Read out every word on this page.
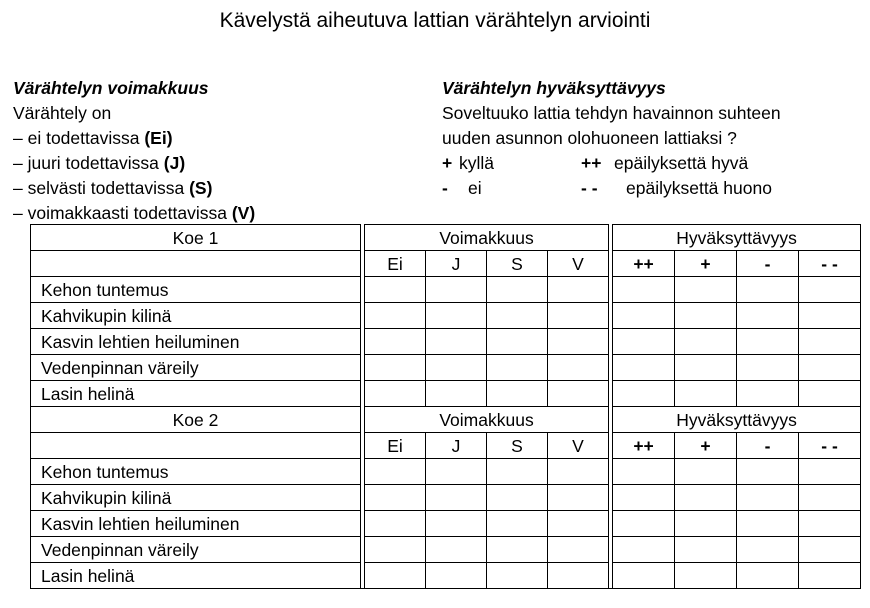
Kävelystä aiheutuva lattian värähtelyn arviointi
Värähtelyn voimakkuus
Värähtely on
– ei todettavissa (Ei)
– juuri todettavissa (J)
– selvästi todettavissa (S)
– voimakkaasti todettavissa (V)
Värähtelyn hyväksyttävyys
Soveltuuko lattia tehdyn havainnon suhteen
uuden asunnon olohuoneen lattiaksi ?
+ kyllä	++ epäilyksettä hyvä
- ei	- - epäilyksettä huono
Koe 1		Voimakkuus					Hyväksyttävyys			
		Ei	J	S	V		++	+	-	- -
Kehon tuntemus										
Kahvikupin kilinä										
Kasvin lehtien heiluminen										
Vedenpinnan väreily										
Lasin helinä										
Koe 2		Voimakkuus					Hyväksyttävyys			
		Ei	J	S	V		++	+	-	- -
Kehon tuntemus										
Kahvikupin kilinä										
Kasvin lehtien heiluminen										
Vedenpinnan väreily										
Lasin helinä										
